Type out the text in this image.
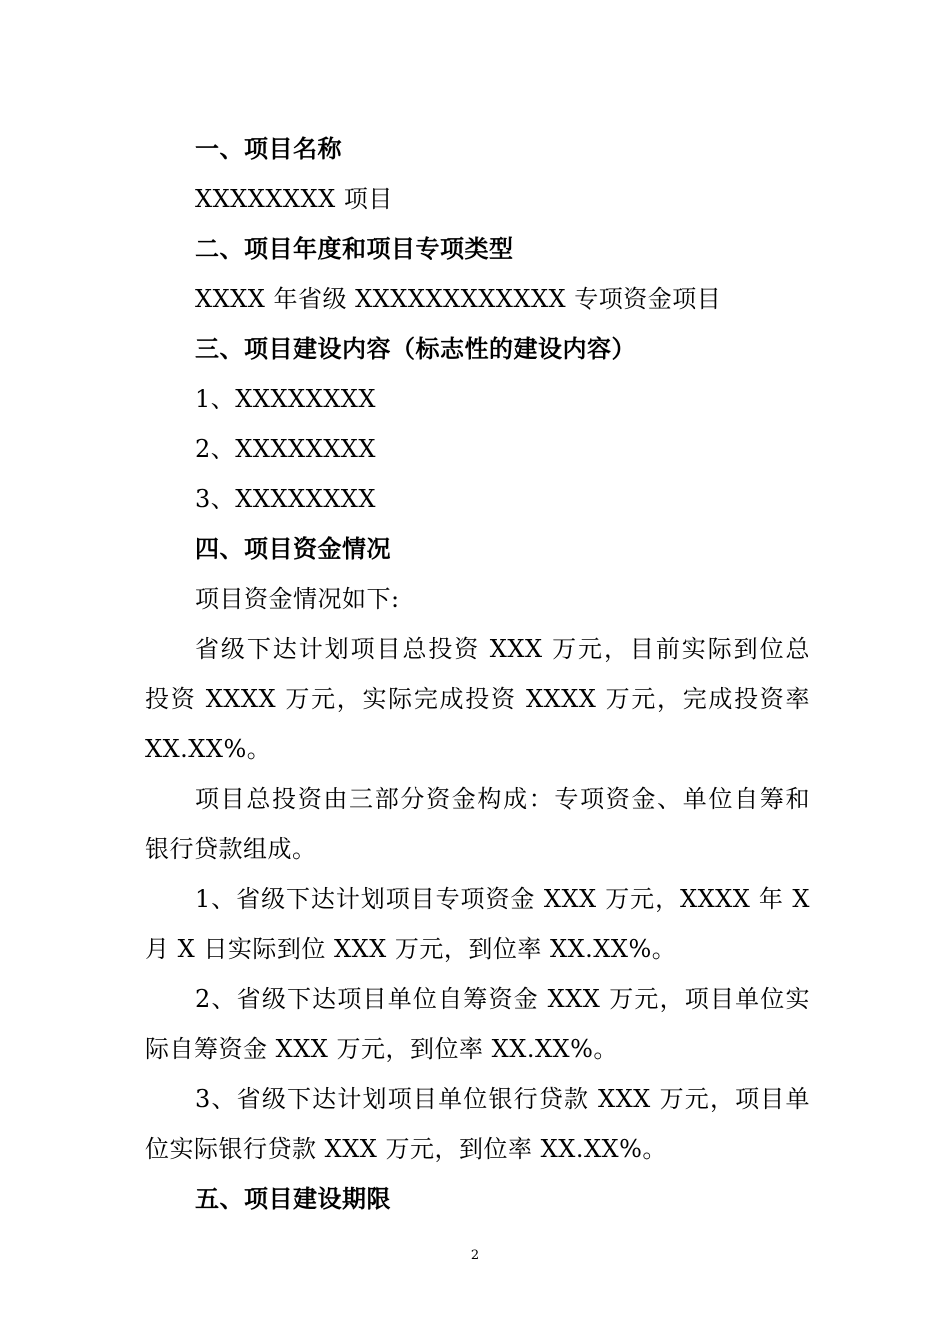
一、项目名称
XXXXXXXX 项目
二、项目年度和项目专项类型
XXXX 年省级 XXXXXXXXXXXX 专项资金项目
三、项目建设内容（标志性的建设内容）
1、XXXXXXXX
2、XXXXXXXX
3、XXXXXXXX
四、项目资金情况
项目资金情况如下:
省级下达计划项目总投资 XXX 万元，目前实际到位总
投资 XXXX 万元，实际完成投资 XXXX 万元，完成投资率
XX.XX%。
项目总投资由三部分资金构成：专项资金、单位自筹和
银行贷款组成。
1、省级下达计划项目专项资金 XXX 万元，XXXX 年 X
月 X 日实际到位 XXX 万元，到位率 XX.XX%。
2、省级下达项目单位自筹资金 XXX 万元，项目单位实
际自筹资金 XXX 万元，到位率 XX.XX%。
3、省级下达计划项目单位银行贷款 XXX 万元，项目单
位实际银行贷款 XXX 万元，到位率 XX.XX%。
五、项目建设期限
2
